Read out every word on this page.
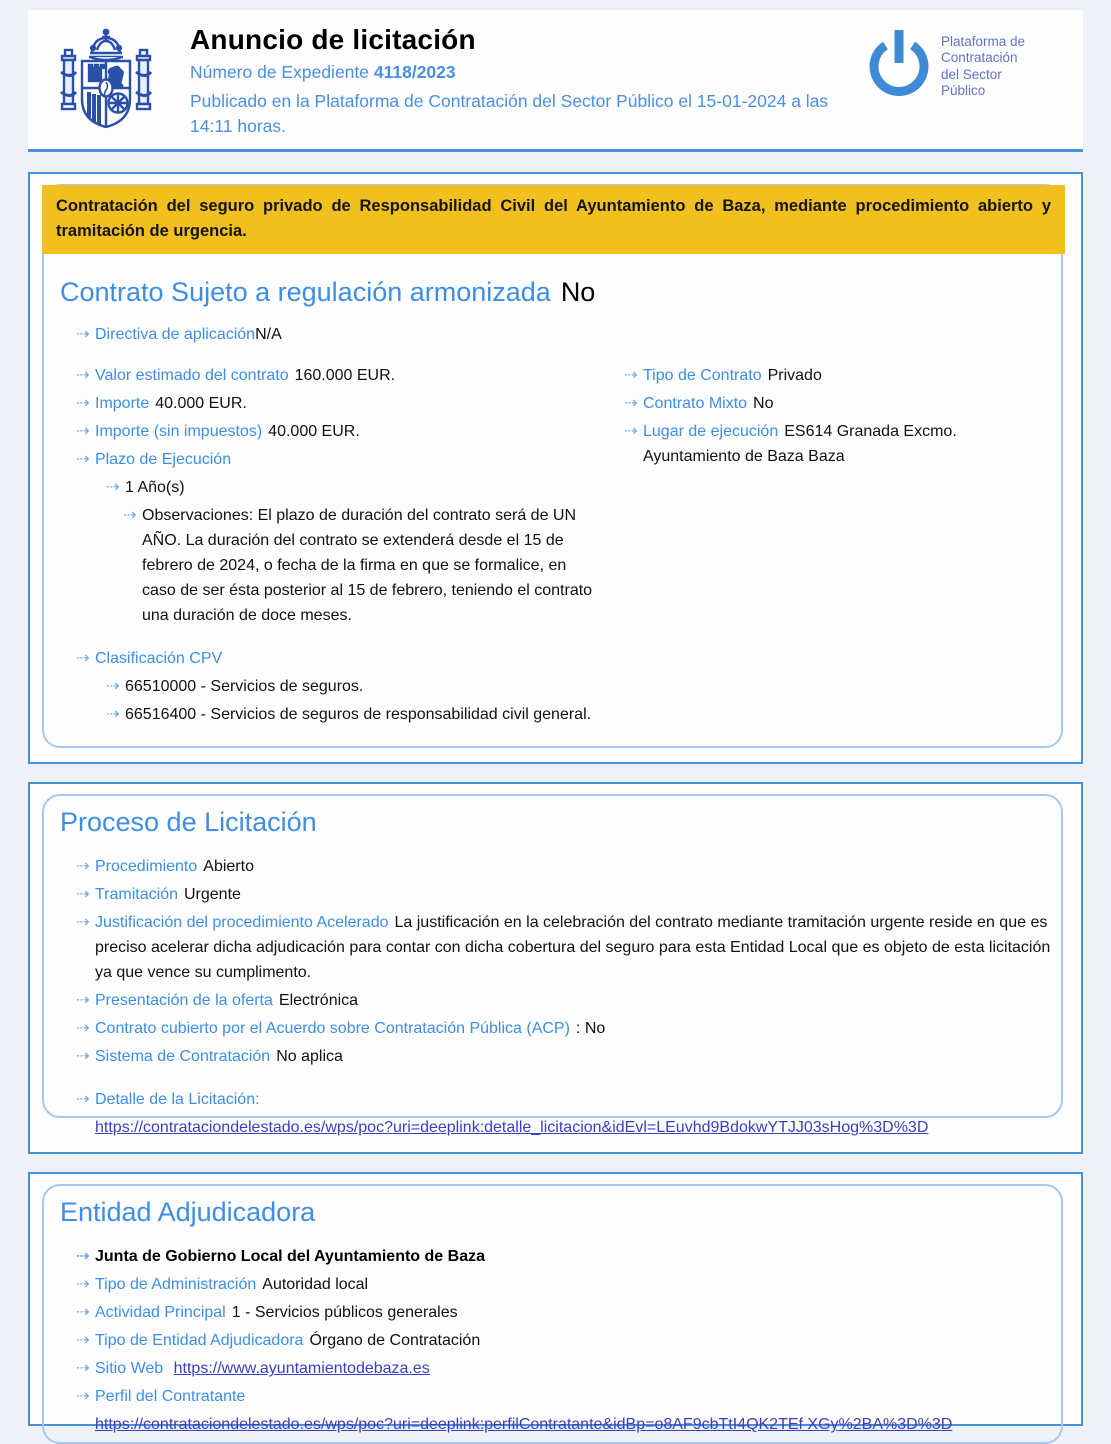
Anuncio de licitación
Número de Expediente 4118/2023
Publicado en la Plataforma de Contratación del Sector Público el 15-01-2024 a las 14:11 horas.
Plataforma de
Contratación
del Sector
Público
Contratación del seguro privado de Responsabilidad Civil del Ayuntamiento de Baza, mediante procedimiento abierto y tramitación de urgencia.
Contrato Sujeto a regulación armonizada No
Directiva de aplicaciónN/A
Valor estimado del contrato 160.000 EUR.
Importe 40.000 EUR.
Importe (sin impuestos) 40.000 EUR.
Plazo de Ejecución
1 Año(s)
Observaciones: El plazo de duración del contrato será de UN AÑO. La duración del contrato se extenderá desde el 15 de febrero de 2024, o fecha de la firma en que se formalice, en caso de ser ésta posterior al 15 de febrero, teniendo el contrato una duración de doce meses.
Tipo de Contrato Privado
Contrato Mixto No
Lugar de ejecución ES614 Granada Excmo. Ayuntamiento de Baza Baza
Clasificación CPV
66510000 - Servicios de seguros.
66516400 - Servicios de seguros de responsabilidad civil general.
Proceso de Licitación
Procedimiento Abierto
Tramitación Urgente
Justificación del procedimiento Acelerado La justificación en la celebración del contrato mediante tramitación urgente reside en que es preciso acelerar dicha adjudicación para contar con dicha cobertura del seguro para esta Entidad Local que es objeto de esta licitación ya que vence su cumplimento.
Presentación de la oferta Electrónica
Contrato cubierto por el Acuerdo sobre Contratación Pública (ACP) : No
Sistema de Contratación No aplica
Detalle de la Licitación:
https://contrataciondelestado.es/wps/poc?uri=deeplink:detalle_licitacion&idEvl=LEuvhd9BdokwYTJJ03sHog%3D%3D
Entidad Adjudicadora
Junta de Gobierno Local del Ayuntamiento de Baza
Tipo de Administración Autoridad local
Actividad Principal 1 - Servicios públicos generales
Tipo de Entidad Adjudicadora Órgano de Contratación
Sitio Web https://www.ayuntamientodebaza.es
Perfil del Contratante
https://contrataciondelestado.es/wps/poc?uri=deeplink:perfilContratante&idBp=o8AF9cbTtI4QK2TEf XGy%2BA%3D%3D
